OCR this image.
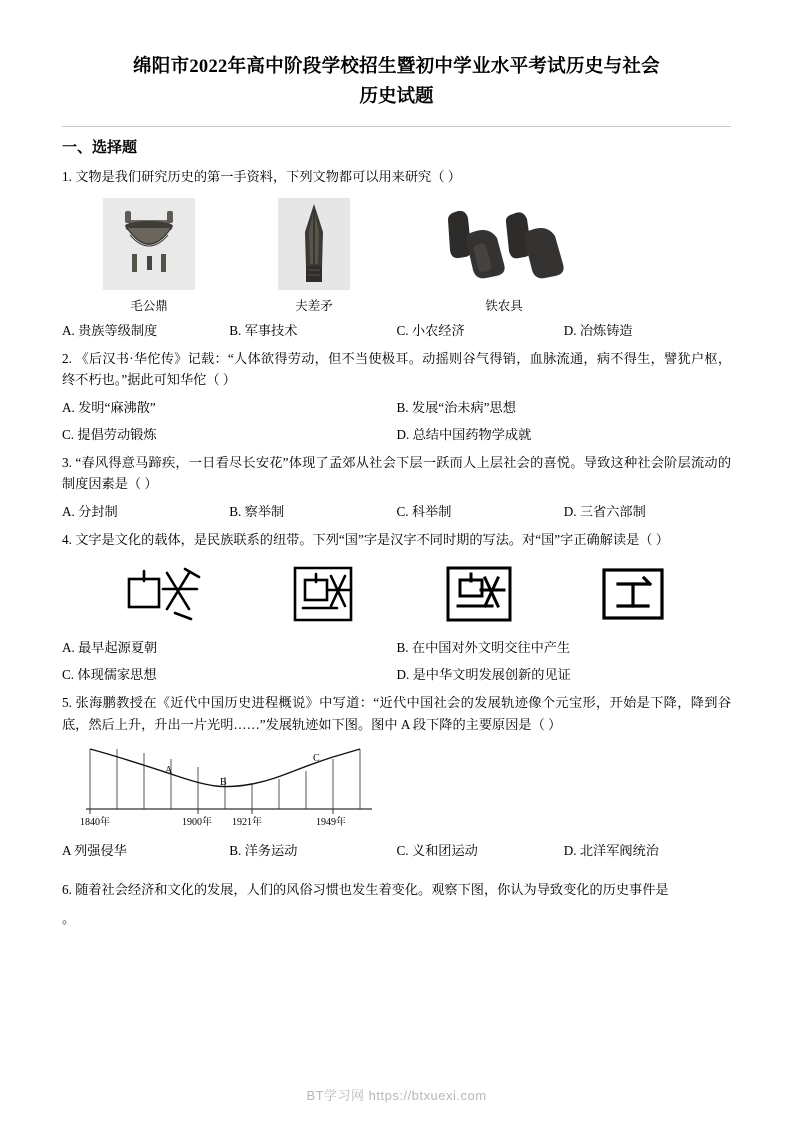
绵阳市2022年高中阶段学校招生暨初中学业水平考试历史与社会
历史试题
一、选择题
1. 文物是我们研究历史的第一手资料，下列文物都可以用来研究（ ）
毛公鼎	夫差矛	铁农具
A. 贵族等级制度	B. 军事技术	C. 小农经济	D. 冶炼铸造
2. 《后汉书·华佗传》记载：“人体欲得劳动，但不当使极耳。动摇则谷气得销，血脉流通，病不得生，譬犹户枢，终不朽也。”据此可知华佗（ ）
A. 发明“麻沸散”	B. 发展“治未病”思想
C. 提倡劳动锻炼	D. 总结中国药物学成就
3. “春风得意马蹄疾，一日看尽长安花”体现了孟郊从社会下层一跃而人上层社会的喜悦。导致这种社会阶层流动的制度因素是（ ）
A. 分封制	B. 察举制	C. 科举制	D. 三省六部制
4. 文字是文化的载体，是民族联系的纽带。下列“国”字是汉字不同时期的写法。对“国”字正确解读是（ ）
A. 最早起源夏朝	B. 在中国对外文明交往中产生
C. 体现儒家思想	D. 是中华文明发展创新的见证
5. 张海鹏教授在《近代中国历史进程概说》中写道：“近代中国社会的发展轨迹像个元宝形，开始是下降，降到谷底，然后上升，升出一片光明……”发展轨迹如下图。图中 A 段下降的主要原因是（ ）
A
B
C
1840年	1900年 1921年	1949年
A 列强侵华	B. 洋务运动	C. 义和团运动	D. 北洋军阀统治
6. 随着社会经济和文化的发展，人们的风俗习惯也发生着变化。观察下图，你认为导致变化的历史事件是
。
BT学习网 https://btxuexi.com
